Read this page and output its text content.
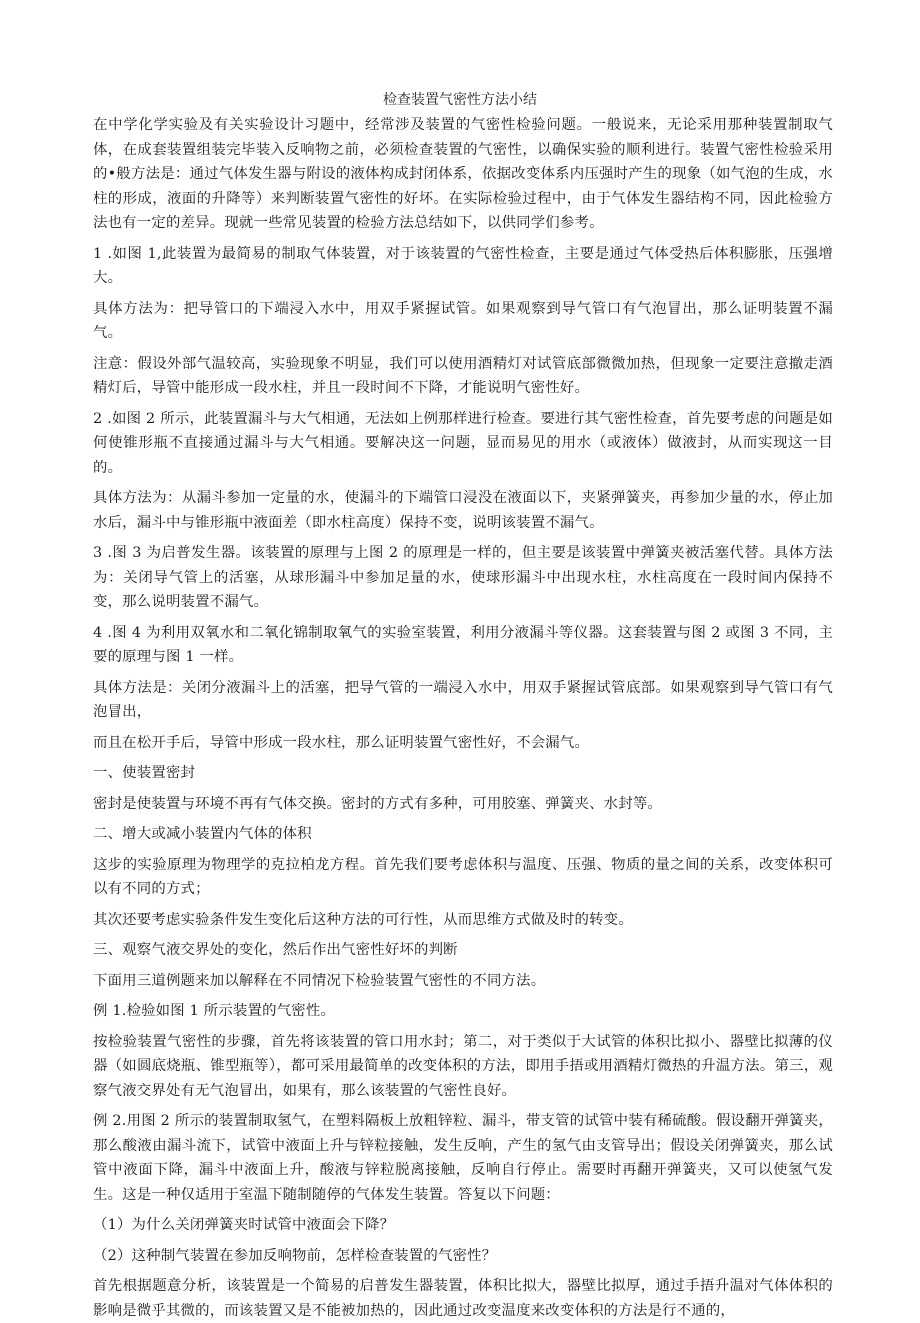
检查装置气密性方法小结

在中学化学实验及有关实验设计习题中，经常涉及装置的气密性检验问题。一般说来，无论采用那种装置制取气体，在成套装置组装完毕装入反响物之前，必须检查装置的气密性，以确保实验的顺利进行。装置气密性检验采用的•般方法是：通过气体发生器与附设的液体构成封闭体系，依据改变体系内压强时产生的现象（如气泡的生成，水柱的形成，液面的升降等）来判断装置气密性的好坏。在实际检验过程中，由于气体发生器结构不同，因此检验方法也有一定的差异。现就一些常见装置的检验方法总结如下，以供同学们参考。

1 .如图 1,此装置为最简易的制取气体装置，对于该装置的气密性检查，主要是通过气体受热后体积膨胀，压强增大。

具体方法为：把导管口的下端浸入水中，用双手紧握试管。如果观察到导气管口有气泡冒出，那么证明装置不漏气。

注意：假设外部气温较高，实验现象不明显，我们可以使用酒精灯对试管底部微微加热，但现象一定要注意撤走酒精灯后，导管中能形成一段水柱，并且一段时间不下降，才能说明气密性好。

2 .如图 2 所示，此装置漏斗与大气相通，无法如上例那样进行检查。要进行其气密性检查，首先要考虑的问题是如何使锥形瓶不直接通过漏斗与大气相通。要解决这一问题，显而易见的用水（或液体）做液封，从而实现这一目的。

具体方法为：从漏斗参加一定量的水，使漏斗的下端管口浸没在液面以下，夹紧弹簧夹，再参加少量的水，停止加水后，漏斗中与锥形瓶中液面差（即水柱高度）保持不变，说明该装置不漏气。

3 .图 3 为启普发生器。该装置的原理与上图 2 的原理是一样的，但主要是该装置中弹簧夹被活塞代替。具体方法为：关闭导气管上的活塞，从球形漏斗中参加足量的水，使球形漏斗中出现水柱，水柱高度在一段时间内保持不变，那么说明装置不漏气。

4 .图 4 为利用双氧水和二氧化锦制取氧气的实验室装置，利用分液漏斗等仪器。这套装置与图 2 或图 3 不同，主要的原理与图 1 一样。

具体方法是：关闭分液漏斗上的活塞，把导气管的一端浸入水中，用双手紧握试管底部。如果观察到导气管口有气泡冒出，

而且在松开手后，导管中形成一段水柱，那么证明装置气密性好，不会漏气。

一、使装置密封

密封是使装置与环境不再有气体交换。密封的方式有多种，可用胶塞、弹簧夹、水封等。

二、增大或减小装置内气体的体积

这步的实验原理为物理学的克拉柏龙方程。首先我们要考虑体积与温度、压强、物质的量之间的关系，改变体积可以有不同的方式；

其次还要考虑实验条件发生变化后这种方法的可行性，从而思维方式做及时的转变。

三、观察气液交界处的变化，然后作出气密性好坏的判断

下面用三道例题来加以解释在不同情况下检验装置气密性的不同方法。

例 1.检验如图 1 所示装置的气密性。

按检验装置气密性的步骤，首先将该装置的管口用水封；第二，对于类似于大试管的体积比拟小、器壁比拟薄的仪器（如圆底烧瓶、锥型瓶等），都可采用最简单的改变体积的方法，即用手捂或用酒精灯微热的升温方法。第三，观察气液交界处有无气泡冒出，如果有，那么该装置的气密性良好。

例 2.用图 2 所示的装置制取氢气，在塑料隔板上放粗锌粒、漏斗，带支管的试管中装有稀硫酸。假设翻开弹簧夹，那么酸液由漏斗流下，试管中液面上升与锌粒接触，发生反响，产生的氢气由支管导出；假设关闭弹簧夹，那么试管中液面下降，漏斗中液面上升，酸液与锌粒脱离接触，反响自行停止。需要时再翻开弹簧夹，又可以使氢气发生。这是一种仅适用于室温下随制随停的气体发生装置。答复以下问题：

（1）为什么关闭弹簧夹时试管中液面会下降？

（2）这种制气装置在参加反响物前，怎样检查装置的气密性？

首先根据题意分析，该装置是一个简易的启普发生器装置，体积比拟大，器壁比拟厚，通过手捂升温对气体体积的影响是微乎其微的，而该装置又是不能被加热的，因此通过改变温度来改变体积的方法是行不通的，
